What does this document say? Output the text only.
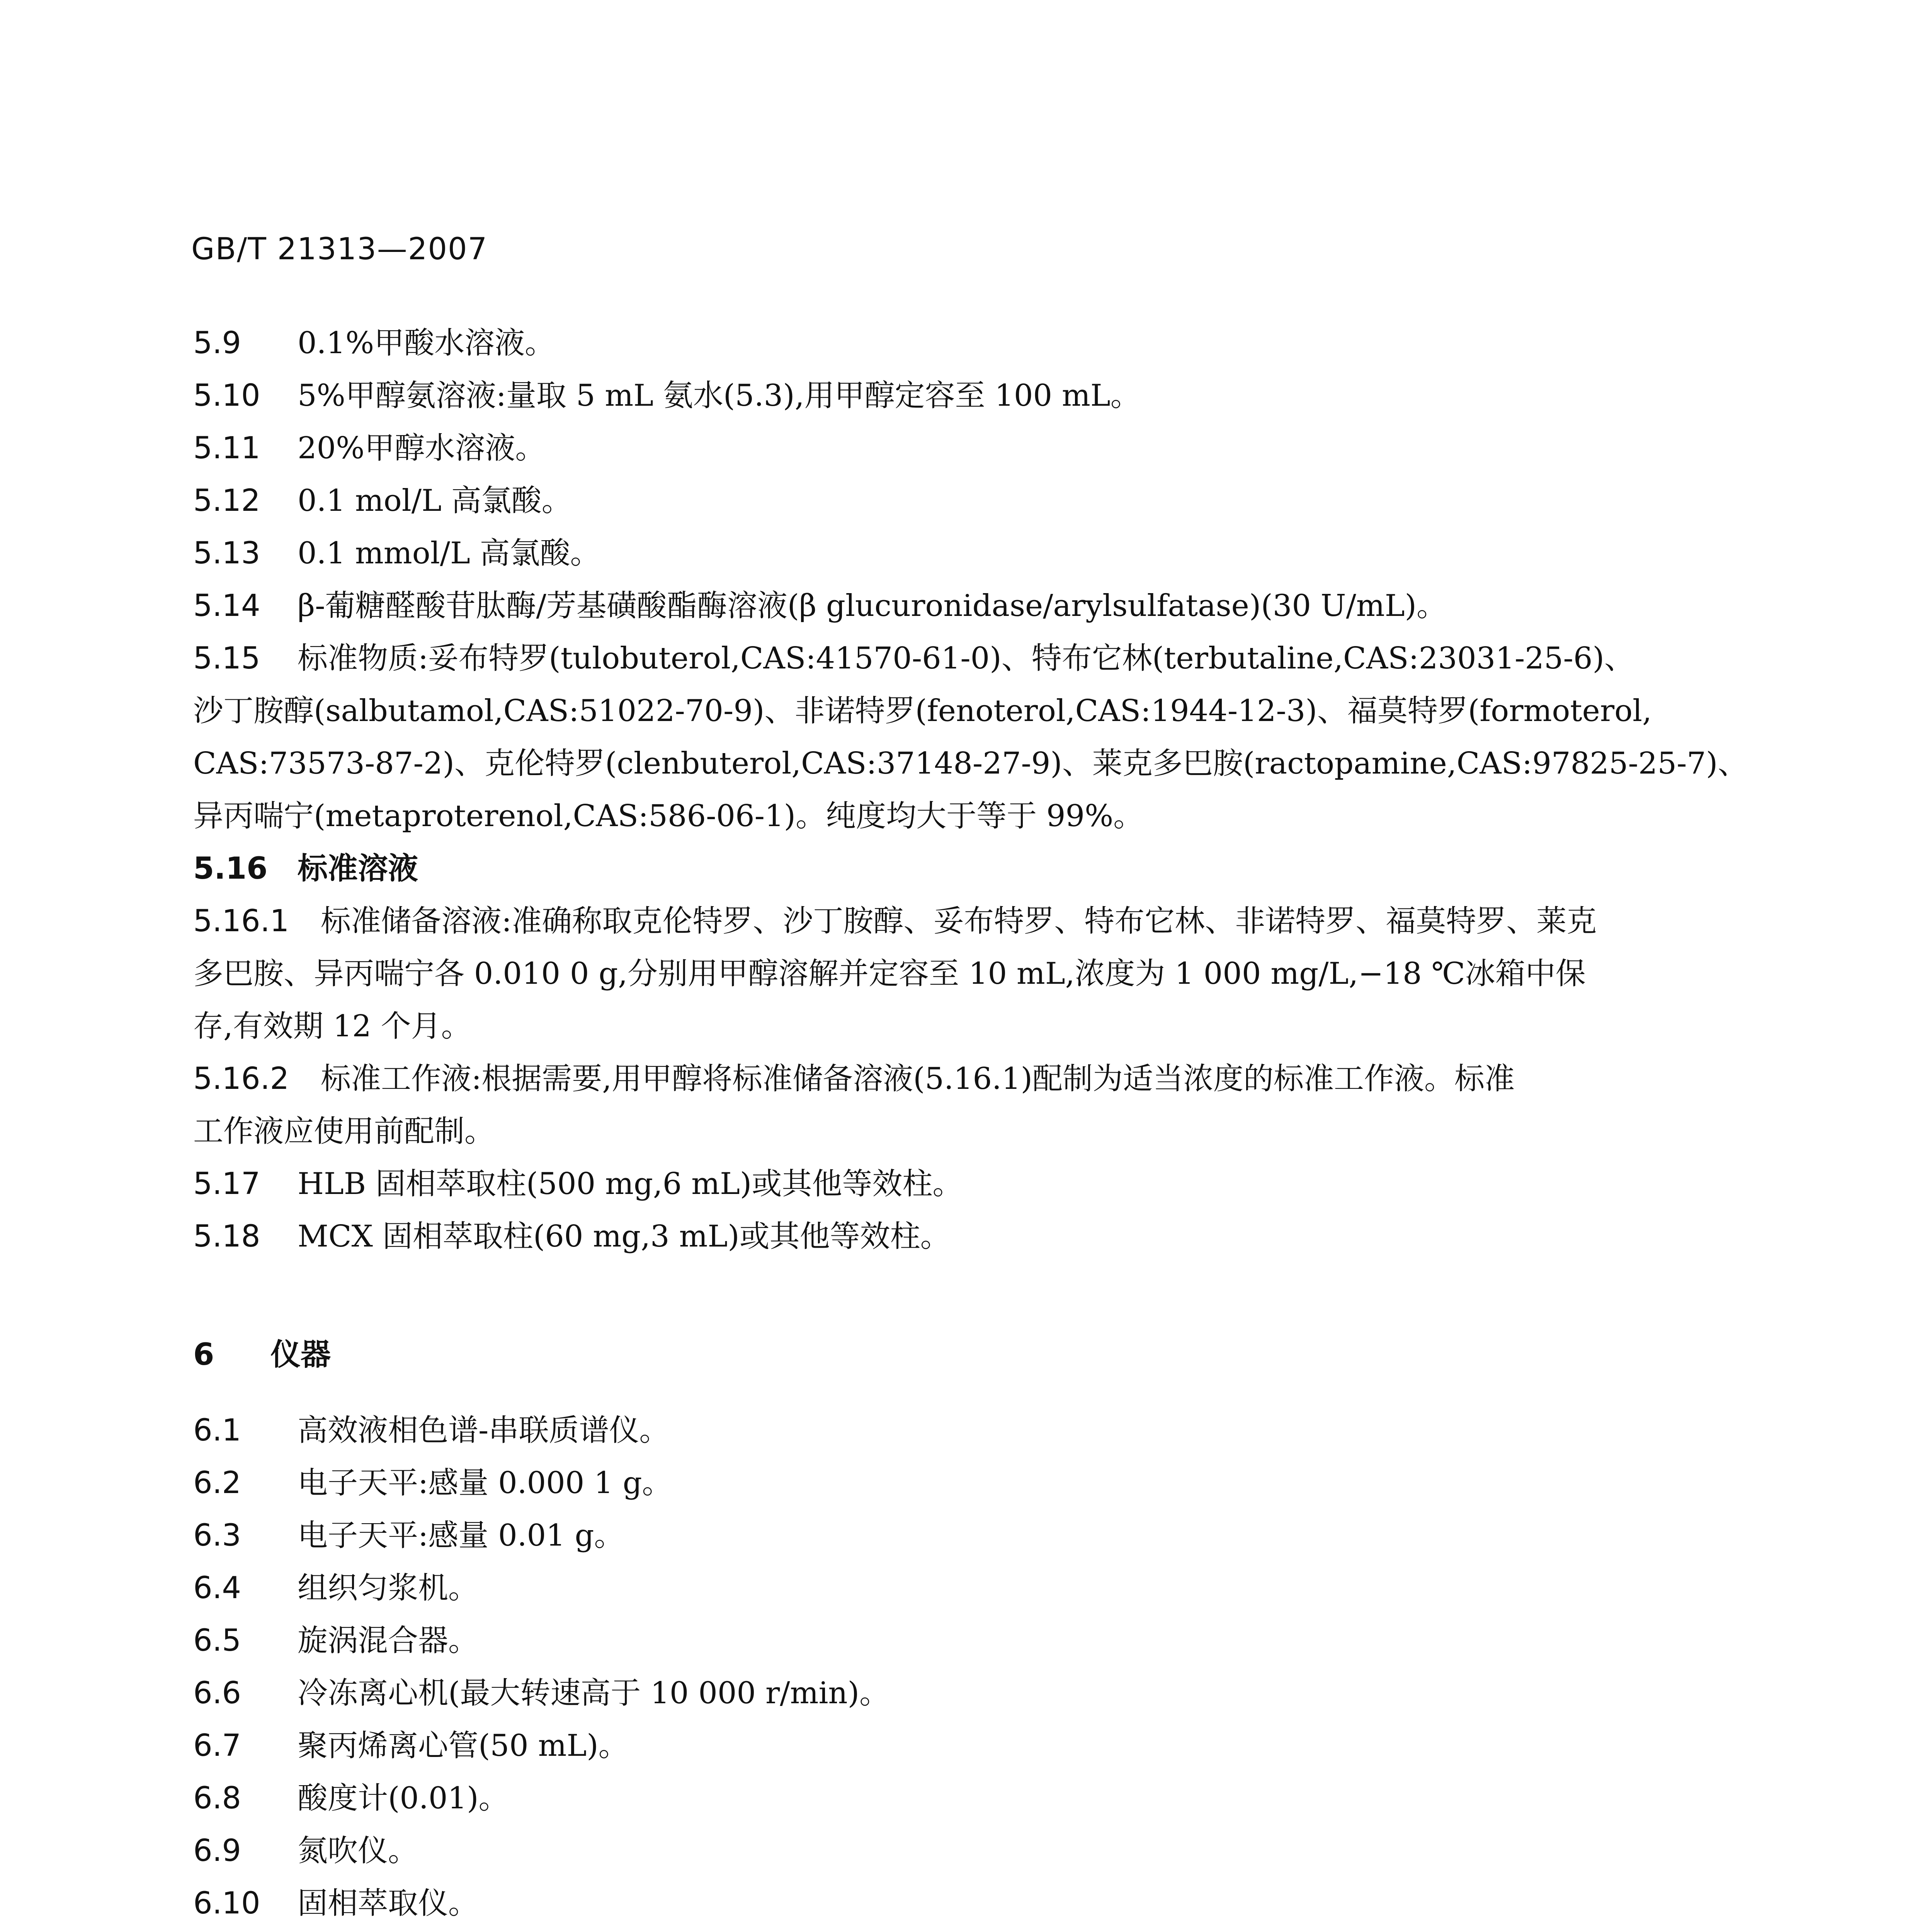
GB/T 21313—2007
5.9 0.1%甲酸水溶液。
5.10 5%甲醇氨溶液:量取 5 mL 氨水(5.3),用甲醇定容至 100 mL。
5.11 20%甲醇水溶液。
5.12 0.1 mol/L 高氯酸。
5.13 0.1 mmol/L 高氯酸。
5.14 β-葡糖醛酸苷肽酶/芳基磺酸酯酶溶液(β glucuronidase/arylsulfatase)(30 U/mL)。
5.15 标准物质:妥布特罗(tulobuterol,CAS:41570-61-0)、特布它林(terbutaline,CAS:23031-25-6)、
沙丁胺醇(salbutamol,CAS:51022-70-9)、非诺特罗(fenoterol,CAS:1944-12-3)、福莫特罗(formoterol,
CAS:73573-87-2)、克伦特罗(clenbuterol,CAS:37148-27-9)、莱克多巴胺(ractopamine,CAS:97825-25-7)、
异丙喘宁(metaproterenol,CAS:586-06-1)。纯度均大于等于 99%。
5.16 标准溶液
5.16.1 标准储备溶液:准确称取克伦特罗、沙丁胺醇、妥布特罗、特布它林、非诺特罗、福莫特罗、莱克
多巴胺、异丙喘宁各 0.010 0 g,分别用甲醇溶解并定容至 10 mL,浓度为 1 000 mg/L,−18 ℃冰箱中保
存,有效期 12 个月。
5.16.2 标准工作液:根据需要,用甲醇将标准储备溶液(5.16.1)配制为适当浓度的标准工作液。标准
工作液应使用前配制。
5.17 HLB 固相萃取柱(500 mg,6 mL)或其他等效柱。
5.18 MCX 固相萃取柱(60 mg,3 mL)或其他等效柱。
6 仪器
6.1 高效液相色谱-串联质谱仪。
6.2 电子天平:感量 0.000 1 g。
6.3 电子天平:感量 0.01 g。
6.4 组织匀浆机。
6.5 旋涡混合器。
6.6 冷冻离心机(最大转速高于 10 000 r/min)。
6.7 聚丙烯离心管(50 mL)。
6.8 酸度计(0.01)。
6.9 氮吹仪。
6.10 固相萃取仪。
